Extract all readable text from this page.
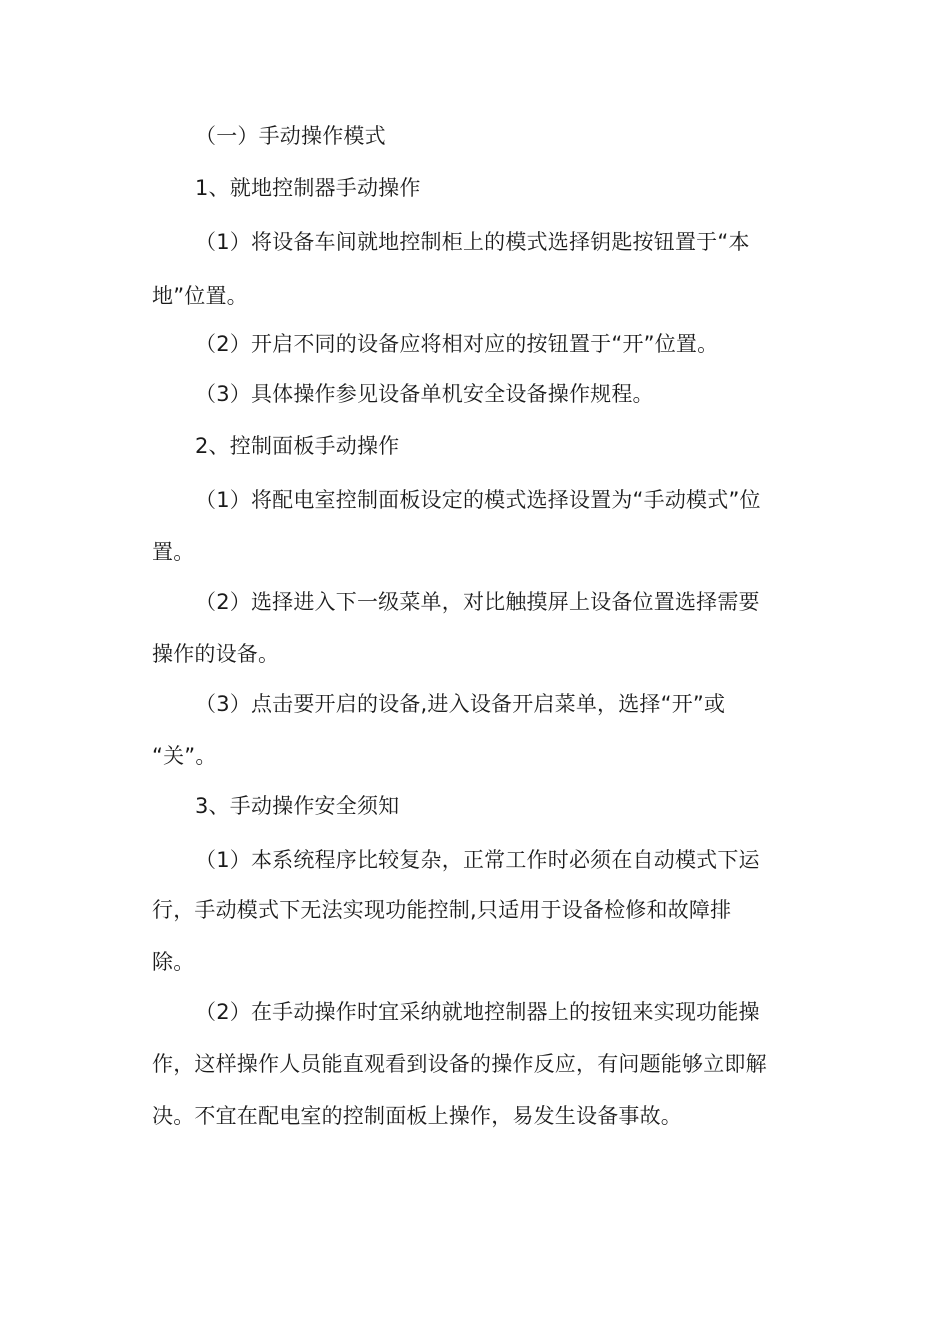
（一）手动操作模式
1、就地控制器手动操作
（1）将设备车间就地控制柜上的模式选择钥匙按钮置于“本
地”位置。
（2）开启不同的设备应将相对应的按钮置于“开”位置。
（3）具体操作参见设备单机安全设备操作规程。
2、控制面板手动操作
（1）将配电室控制面板设定的模式选择设置为“手动模式”位
置。
（2）选择进入下一级菜单，对比触摸屏上设备位置选择需要
操作的设备。
（3）点击要开启的设备,进入设备开启菜单，选择“开”或
“关”。
3、手动操作安全须知
（1）本系统程序比较复杂，正常工作时必须在自动模式下运
行，手动模式下无法实现功能控制,只适用于设备检修和故障排
除。
（2）在手动操作时宜采纳就地控制器上的按钮来实现功能操
作，这样操作人员能直观看到设备的操作反应，有问题能够立即解
决。不宜在配电室的控制面板上操作，易发生设备事故。
